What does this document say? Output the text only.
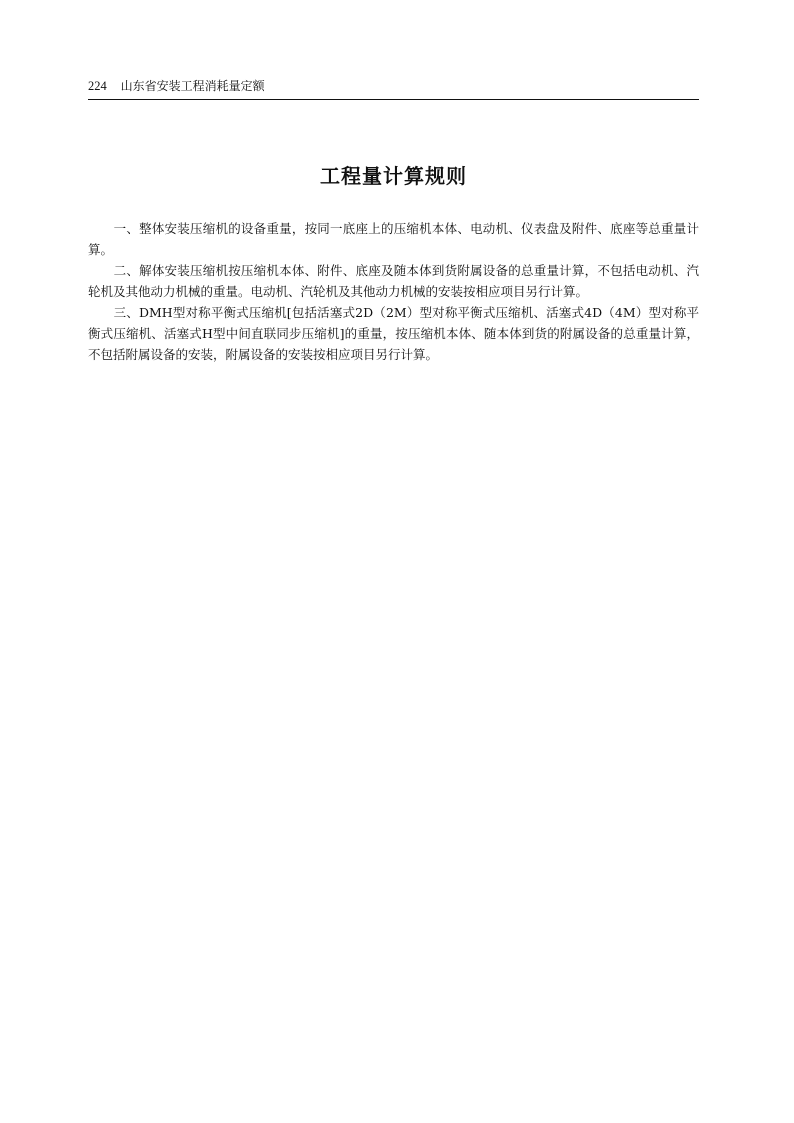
224 山东省安装工程消耗量定额
工程量计算规则

一、整体安装压缩机的设备重量，按同一底座上的压缩机本体、电动机、仪表盘及附件、底座等总重量计算。

二、解体安装压缩机按压缩机本体、附件、底座及随本体到货附属设备的总重量计算，不包括电动机、汽轮机及其他动力机械的重量。电动机、汽轮机及其他动力机械的安装按相应项目另行计算。

三、DMH型对称平衡式压缩机[包括活塞式2D（2M）型对称平衡式压缩机、活塞式4D（4M）型对称平衡式压缩机、活塞式H型中间直联同步压缩机]的重量，按压缩机本体、随本体到货的附属设备的总重量计算，不包括附属设备的安装，附属设备的安装按相应项目另行计算。
